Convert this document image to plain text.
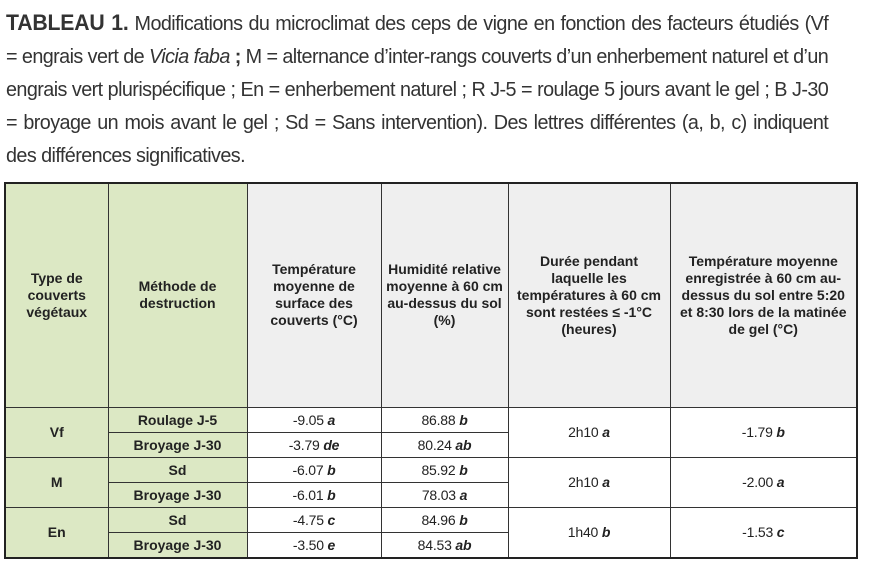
TABLEAU 1. Modifications du microclimat des ceps de vigne en fonction des facteurs étudiés (Vf = engrais vert de Vicia faba ; M = alternance d’inter-rangs couverts d’un enherbement naturel et d’un engrais vert plurispécifique ; En = enherbement naturel ; R J-5 = roulage 5 jours avant le gel ; B J-30 = broyage un mois avant le gel ; Sd = Sans intervention). Des lettres différentes (a, b, c) indiquent des différences significatives.
Type de couverts végétaux	Méthode de destruction	Température moyenne de surface des couverts (°C)	Humidité relative moyenne à 60 cm au-dessus du sol (%)	Durée pendant laquelle les températures à 60 cm sont restées ≤ -1°C (heures)	Température moyenne enregistrée à 60 cm au-dessus du sol entre 5:20 et 8:30 lors de la matinée de gel (°C)
Vf	Roulage J-5	-9.05 a	86.88 b	2h10 a	-1.79 b
	Broyage J-30	-3.79 de	80.24 ab		
M	Sd	-6.07 b	85.92 b	2h10 a	-2.00 a
	Broyage J-30	-6.01 b	78.03 a		
En	Sd	-4.75 c	84.96 b	1h40 b	-1.53 c
	Broyage J-30	-3.50 e	84.53 ab		
